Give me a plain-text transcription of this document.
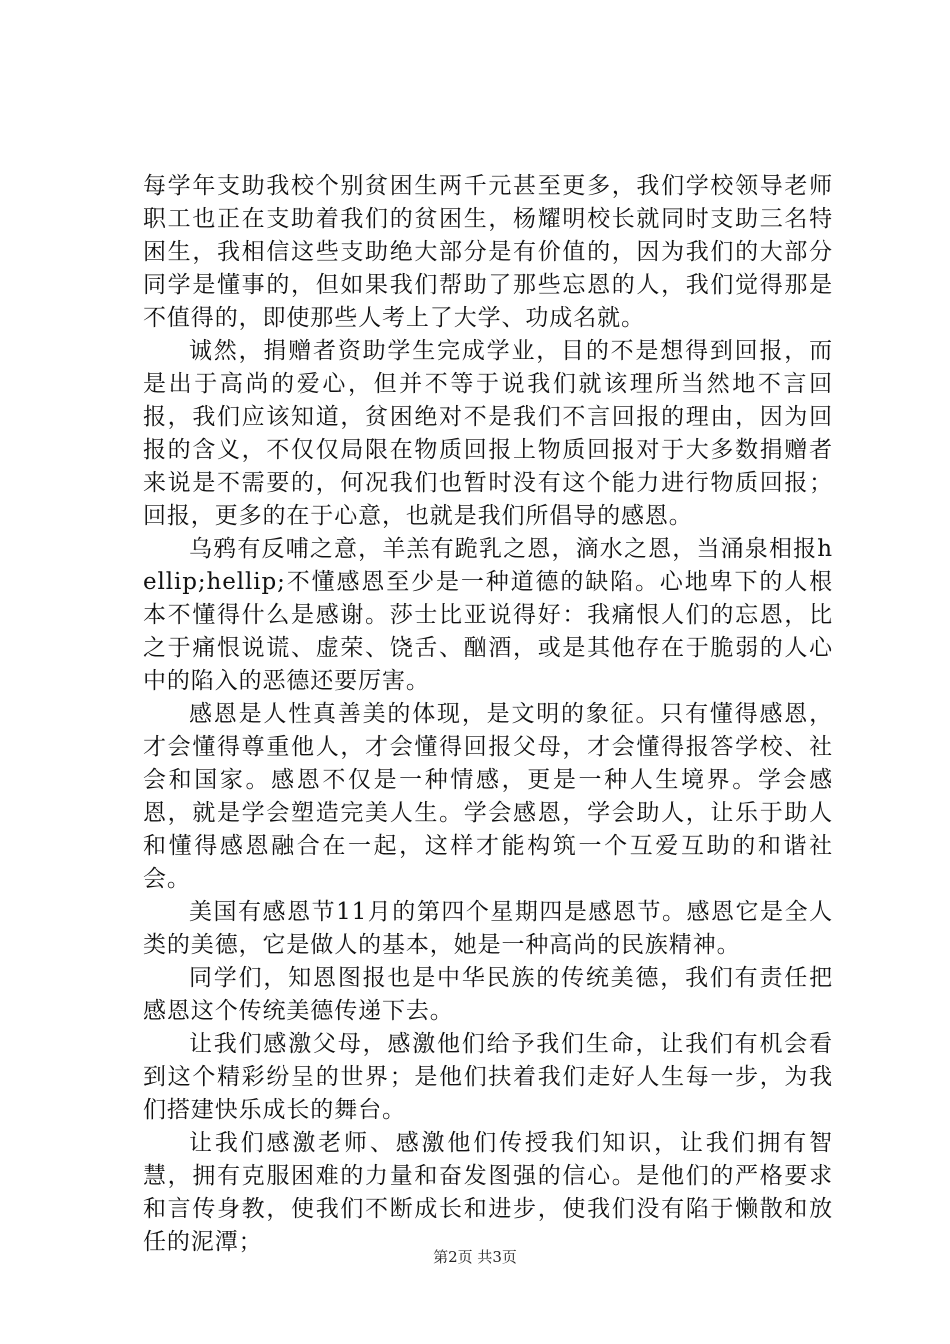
每学年支助我校个别贫困生两千元甚至更多，我们学校领导老师职工也正在支助着我们的贫困生，杨耀明校长就同时支助三名特困生，我相信这些支助绝大部分是有价值的，因为我们的大部分同学是懂事的，但如果我们帮助了那些忘恩的人，我们觉得那是不值得的，即使那些人考上了大学、功成名就。

诚然，捐赠者资助学生完成学业，目的不是想得到回报，而是出于高尚的爱心，但并不等于说我们就该理所当然地不言回报，我们应该知道，贫困绝对不是我们不言回报的理由，因为回报的含义，不仅仅局限在物质回报上物质回报对于大多数捐赠者来说是不需要的，何况我们也暂时没有这个能力进行物质回报；回报，更多的在于心意，也就是我们所倡导的感恩。

乌鸦有反哺之意，羊羔有跪乳之恩，滴水之恩，当涌泉相报hellip;hellip;不懂感恩至少是一种道德的缺陷。心地卑下的人根本不懂得什么是感谢。莎士比亚说得好：我痛恨人们的忘恩，比之于痛恨说谎、虚荣、饶舌、酗酒，或是其他存在于脆弱的人心中的陷入的恶德还要厉害。

感恩是人性真善美的体现，是文明的象征。只有懂得感恩，才会懂得尊重他人，才会懂得回报父母，才会懂得报答学校、社会和国家。感恩不仅是一种情感，更是一种人生境界。学会感恩，就是学会塑造完美人生。学会感恩，学会助人，让乐于助人和懂得感恩融合在一起，这样才能构筑一个互爱互助的和谐社会。

美国有感恩节11月的第四个星期四是感恩节。感恩它是全人类的美德，它是做人的基本，她是一种高尚的民族精神。

同学们，知恩图报也是中华民族的传统美德，我们有责任把感恩这个传统美德传递下去。

让我们感激父母，感激他们给予我们生命，让我们有机会看到这个精彩纷呈的世界；是他们扶着我们走好人生每一步，为我们搭建快乐成长的舞台。

让我们感激老师、感激他们传授我们知识，让我们拥有智慧，拥有克服困难的力量和奋发图强的信心。是他们的严格要求和言传身教，使我们不断成长和进步，使我们没有陷于懒散和放任的泥潭；

第2页 共3页
